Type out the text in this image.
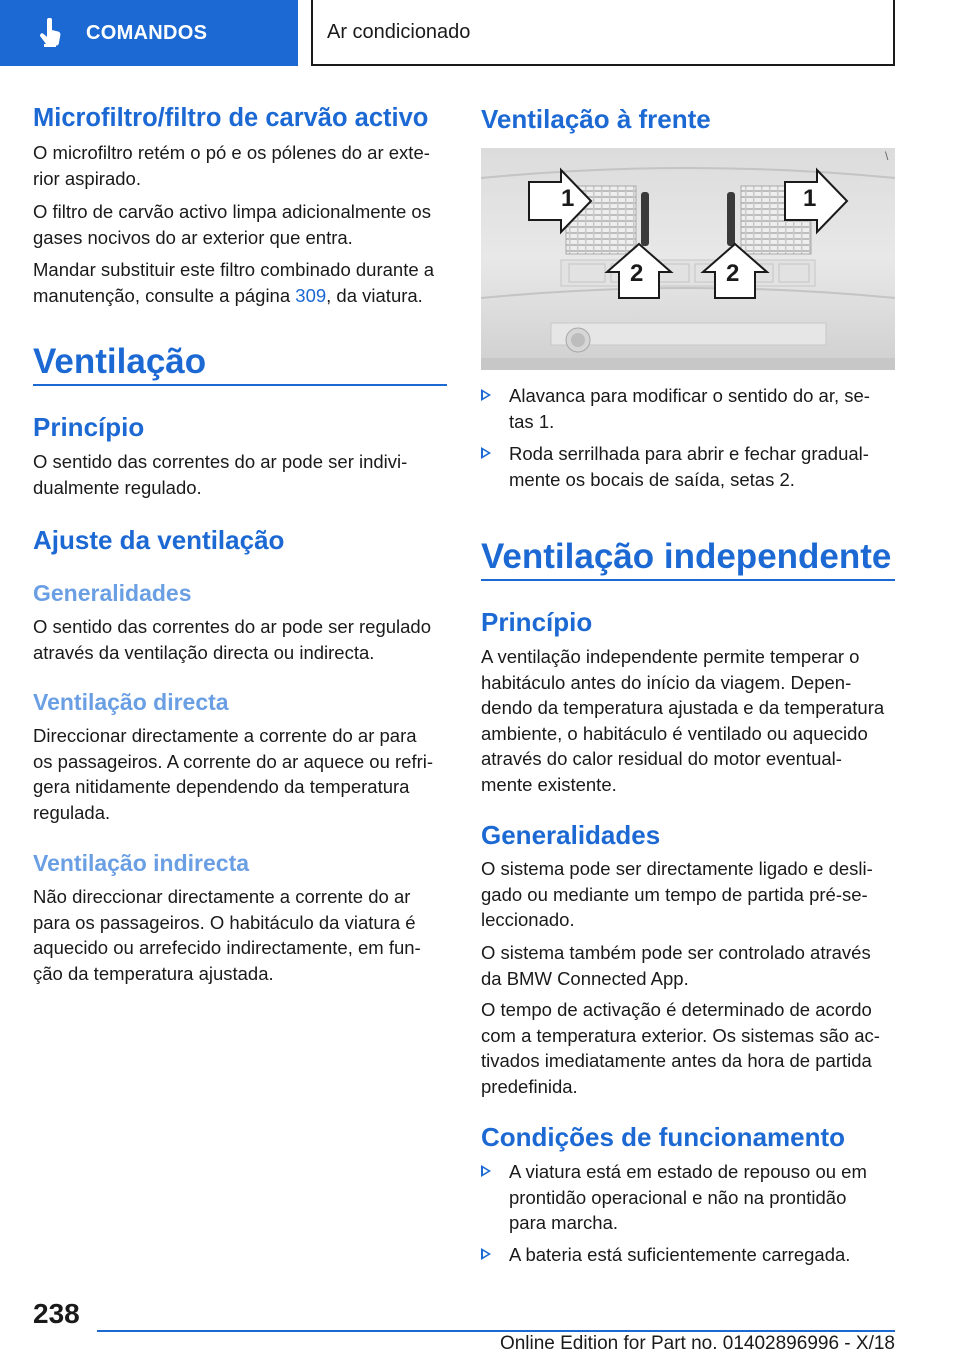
COMANDOS	Ar condicionado
Microfiltro/filtro de carvão activo
O microfiltro retém o pó e os pólenes do ar exte-
rior aspirado.
O filtro de carvão activo limpa adicionalmente os
gases nocivos do ar exterior que entra.
Mandar substituir este filtro combinado durante a
manutenção, consulte a página 309, da viatura.
Ventilação
Princípio
O sentido das correntes do ar pode ser indivi-
dualmente regulado.
Ajuste da ventilação
Generalidades
O sentido das correntes do ar pode ser regulado
através da ventilação directa ou indirecta.
Ventilação directa
Direccionar directamente a corrente do ar para
os passageiros. A corrente do ar aquece ou refri-
gera nitidamente dependendo da temperatura
regulada.
Ventilação indirecta
Não direccionar directamente a corrente do ar
para os passageiros. O habitáculo da viatura é
aquecido ou arrefecido indirectamente, em fun-
ção da temperatura ajustada.
Ventilação à frente
\
1	1
2	2
Alavanca para modificar o sentido do ar, se-
tas 1.
Roda serrilhada para abrir e fechar gradual-
mente os bocais de saída, setas 2.
Ventilação independente
Princípio
A ventilação independente permite temperar o
habitáculo antes do início da viagem. Depen-
dendo da temperatura ajustada e da temperatura
ambiente, o habitáculo é ventilado ou aquecido
através do calor residual do motor eventual-
mente existente.
Generalidades
O sistema pode ser directamente ligado e desli-
gado ou mediante um tempo de partida pré-se-
leccionado.
O sistema também pode ser controlado através
da BMW Connected App.
O tempo de activação é determinado de acordo
com a temperatura exterior. Os sistemas são ac-
tivados imediatamente antes da hora de partida
predefinida.
Condições de funcionamento
A viatura está em estado de repouso ou em
prontidão operacional e não na prontidão
para marcha.
A bateria está suficientemente carregada.
238
Online Edition for Part no. 01402896996 - X/18
